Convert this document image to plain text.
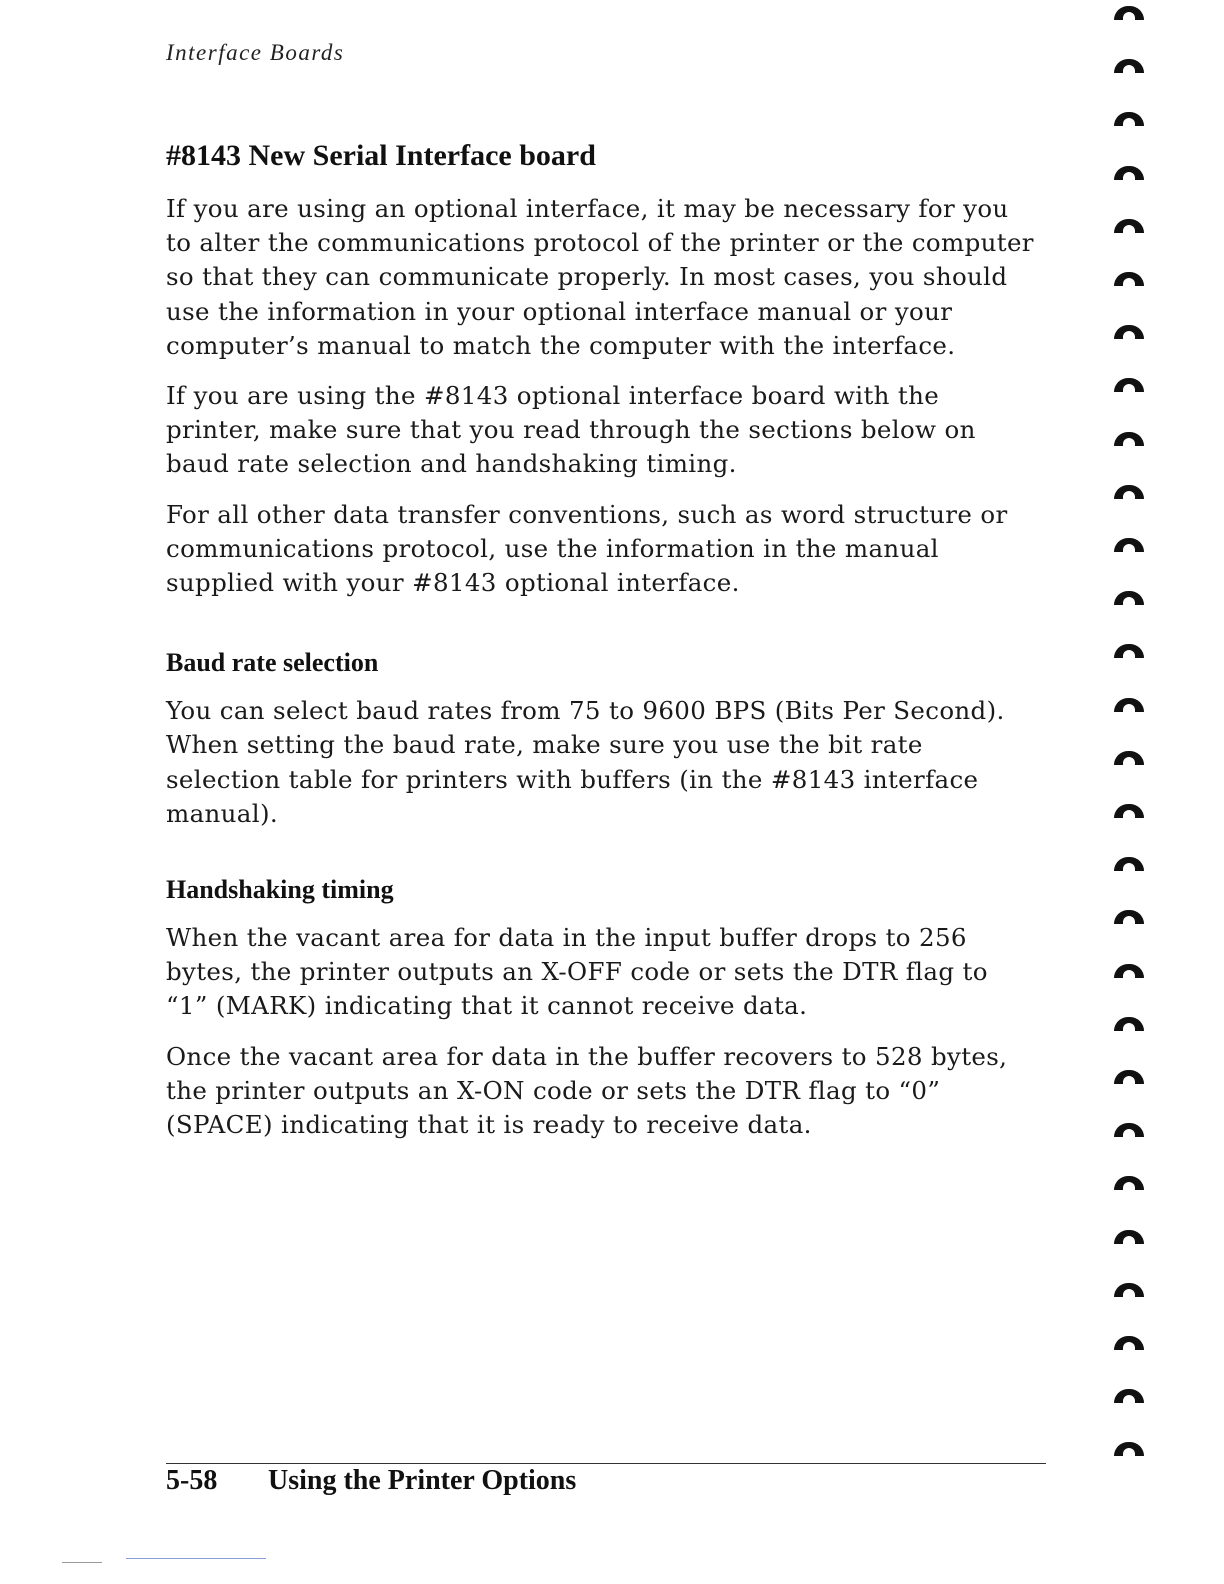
Interface Boards
#8143 New Serial Interface board

If you are using an optional interface, it may be necessary for you
to alter the communications protocol of the printer or the computer
so that they can communicate properly. In most cases, you should
use the information in your optional interface manual or your
computer’s manual to match the computer with the interface.

If you are using the #8143 optional interface board with the
printer, make sure that you read through the sections below on
baud rate selection and handshaking timing.

For all other data transfer conventions, such as word structure or
communications protocol, use the information in the manual
supplied with your #8143 optional interface.

Baud rate selection

You can select baud rates from 75 to 9600 BPS (Bits Per Second).
When setting the baud rate, make sure you use the bit rate
selection table for printers with buffers (in the #8143 interface
manual).

Handshaking timing

When the vacant area for data in the input buffer drops to 256
bytes, the printer outputs an X-OFF code or sets the DTR flag to
“1” (MARK) indicating that it cannot receive data.

Once the vacant area for data in the buffer recovers to 528 bytes,
the printer outputs an X-ON code or sets the DTR flag to “0”
(SPACE) indicating that it is ready to receive data.

5-58 Using the Printer Options
